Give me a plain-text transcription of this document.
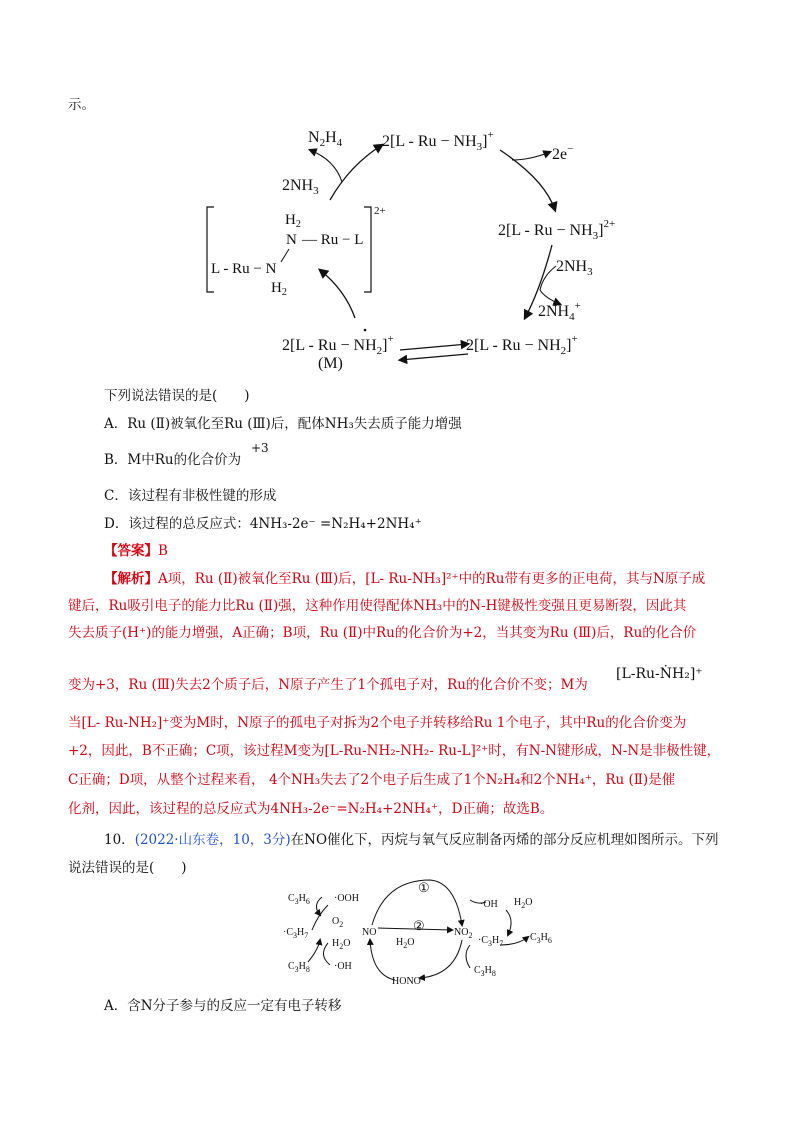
示。
$2[L - Ru - NH_3]^+$
$N_2H_4$
$2NH_3$
2e−
$2[L - Ru - NH_3]^{2+}$
$2NH_3$
$2NH_4^+$
$2[L - Ru - NH_2]^+$
$2[L - Ru - NH_2]^+$
(M)
2+
$H_2$
N — Ru − L
L - Ru − N
$H_2$
下列说法错误的是(　　)
A．Ru (Ⅱ)被氧化至Ru (Ⅲ)后，配体NH₃失去质子能力增强
B．M中Ru的化合价为
+3
C．该过程有非极性键的形成
D．该过程的总反应式：4NH₃-2e⁻ =N₂H₄+2NH₄⁺
【答案】B
【解析】A项，Ru (Ⅱ)被氧化至Ru (Ⅲ)后，[L- Ru-NH₃]²⁺中的Ru带有更多的正电荷，其与N原子成
键后，Ru吸引电子的能力比Ru (Ⅱ)强，这种作用使得配体NH₃中的N-H键极性变强且更易断裂，因此其
失去质子(H⁺)的能力增强，A正确；B项，Ru (Ⅱ)中Ru的化合价为+2，当其变为Ru (Ⅲ)后，Ru的化合价
变为+3，Ru (Ⅲ)失去2个质子后，N原子产生了1个孤电子对，Ru的化合价不变；M为
[L-Ru-ṄH₂]⁺
当[L- Ru-NH₂]⁺变为M时，N原子的孤电子对拆为2个电子并转移给Ru 1个电子，其中Ru的化合价变为
+2，因此，B不正确；C项，该过程M变为[L-Ru-NH₂-NH₂- Ru-L]²⁺时，有N-N键形成，N-N是非极性键，
C正确；D项，从整个过程来看， 4个NH₃失去了2个电子后生成了1个N₂H₄和2个NH₄⁺，Ru (Ⅱ)是催
化剂，因此，该过程的总反应式为4NH₃-2e⁻=N₂H₄+2NH₄⁺，D正确；故选B。
10．(2022·山东卷，10，3分)在NO催化下，丙烷与氧气反应制备丙烯的部分反应机理如图所示。下列
说法错误的是(　　)
$C_3H_6 \cdot OOH$
$O_2$
$\cdot C_3H_7$
$H_2O$
$C_3H_8 \cdot OH$
NO
①
②
$H_2O$
$NO_2$
·OH $H_2O$
$C_3H_6$
$\cdot C_3H_7$
$C_3H_8$
HONO
A．含N分子参与的反应一定有电子转移
